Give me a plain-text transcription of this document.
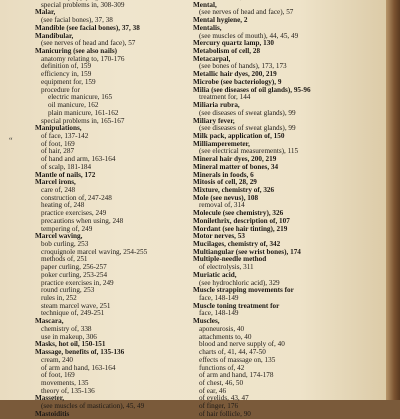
“
special problems in, 308-309
Malar,
(see facial bones), 37, 38
Mandible (see facial bones), 37, 38
Mandibular,
(see nerves of head and face), 57
Manicuring (see also nails)
anatomy relating to, 170-176
definition of, 159
efficiency in, 159
equipment for, 159
procedure for
electric manicure, 165
oil manicure, 162
plain manicure, 161-162
special problems in, 165-167
Manipulations,
of face, 137-142
of foot, 169
of hair, 287
of hand and arm, 163-164
of scalp, 181-184
Mantle of nails, 172
Marcel irons,
care of, 248
construction of, 247-248
heating of, 248
practice exercises, 249
precautions when using, 248
tempering of, 249
Marcel waving,
bob curling, 253
croquignole marcel waving, 254-255
methods of, 251
paper curling, 256-257
poker curling, 253-254
practice exercises in, 249
round curling, 253
rules in, 252
steam marcel wave, 251
technique of, 249-251
Mascara,
chemistry of, 338
use in makeup, 306
Masks, hot oil, 150-151
Massage, benefits of, 135-136
cream, 240
of arm and hand, 163-164
of foot, 169
movements, 135
theory of, 135-136
Masseter,
(see muscles of mastication), 45, 49
Mastoiditis
Mental,
(see nerves of head and face), 57
Mental hygiene, 2
Mentalis,
(see muscles of mouth), 44, 45, 49
Mercury quartz lamp, 130
Metabolism of cell, 28
Metacarpal,
(see bones of hands), 173, 173
Metallic hair dyes, 200, 219
Microbe (see bacteriology), 9
Milia (see diseases of oil glands), 95-96
treatment for, 144
Miliaria rubra,
(see diseases of sweat glands), 99
Miliary fever,
(see diseases of sweat glands), 99
Milk pack, application of, 150
Milliamperemeter,
(see electrical measurements), 115
Mineral hair dyes, 200, 219
Mineral matter of bones, 34
Minerals in foods, 6
Mitosis of cell, 28, 29
Mixture, chemistry of, 326
Mole (see nevus), 108
removal of, 314
Molecule (see chemistry), 326
Monilethrix, description of, 107
Mordant (see hair tinting), 219
Motor nerves, 53
Mucilages, chemistry of, 342
Multiangular (see wrist bones), 174
Multiple-needle method
of electrolysis, 311
Muriatic acid,
(see hydrochloric acid), 329
Muscle strapping movements for
face, 148-149
Muscle toning treatment for
face, 148-149
Muscles,
aponeurosis, 40
attachments to, 40
blood and nerve supply of, 40
charts of, 41, 44, 47-50
effects of massage on, 135
functions of, 42
of arm and hand, 174-178
of chest, 46, 50
of ear, 46
of eyelids, 43, 47
of finger, 176
of hair follicle, 90
